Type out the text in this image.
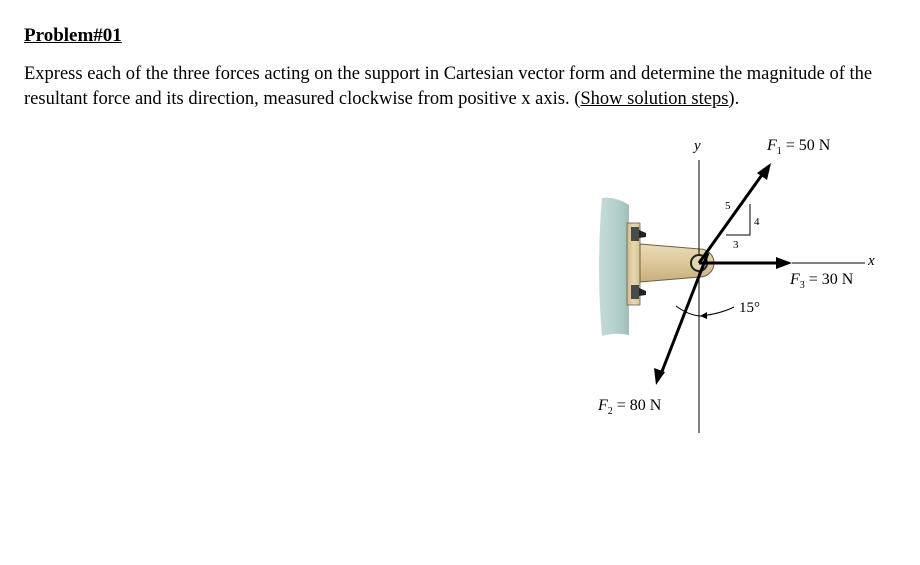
Problem#01
Express each of the three forces acting on the support in Cartesian vector form and determine the magnitude of the resultant force and its direction, measured clockwise from positive x axis. (Show solution steps).
y
x
5
4
3
15°
$F_1 = 50$ N
$F_3 = 30$ N
$F_2 = 80$ N
